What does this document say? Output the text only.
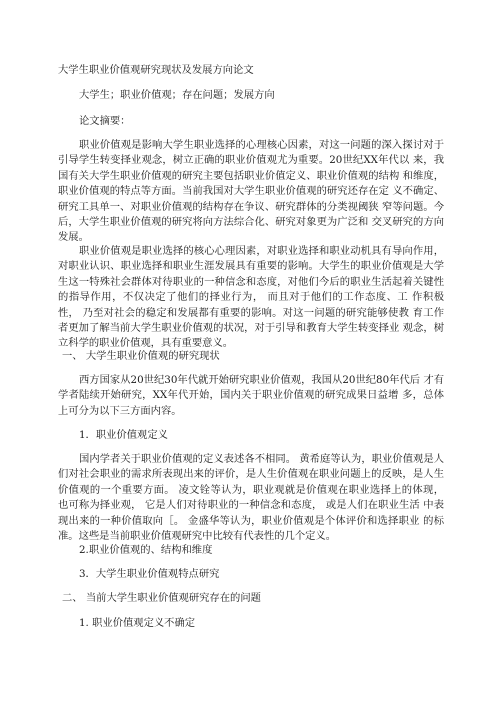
大学生职业价值观研究现状及发展方向论文

大学生；职业价值观；存在问题；发展方向

论文摘要：

职业价值观是影响大学生职业选择的心理核心因素，对这一问题的深入探讨对于引导学生转变择业观念，树立正确的职业价值观尤为重要。20世纪XX年代以 来，我国有关大学生职业价值观的研究主要包括职业价值定义、职业价值观的结构 和维度，职业价值观的特点等方面。当前我国对大学生职业价值观的研究还存在定 义不确定、研究工具单一、对职业价值观的结构存在争议、研究群体的分类视阈狭 窄等问题。今后，大学生职业价值观的研究将向方法综合化、研究对象更为广泛和 交叉研究的方向发展。

职业价值观是职业选择的核心心理因素，对职业选择和职业动机具有导向作用，对职业认识、职业选择和职业生涯发展具有重要的影响。大学生的职业价值观是大学生这一特殊社会群体对待职业的一种信念和态度，对他们今后的职业生活起着关键性的指导作用，不仅决定了他们的择业行为， 而且对于他们的工作态度、工 作积极性， 乃至对社会的稳定和发展都有重要的影响。对这一问题的研究能够使教 育工作者更加了解当前大学生职业价值观的状况，对于引导和教育大学生转变择业 观念，树立科学的职业价值观，具有重要意义。

一、 大学生职业价值观的研究现状

西方国家从20世纪30年代就开始研究职业价值观，我国从20世纪80年代后 才有学者陆续开始研究，XX年代开始，国内关于职业价值观的研究成果日益增 多，总体上可分为以下三方面内容。

1．职业价值观定义

国内学者关于职业价值观的定义表述各不相同。 黄希庭等认为，职业价值观是人们对社会职业的需求所表现出来的评价，是人生价值观在职业问题上的反映，是人生价值观的一个重要方面。 凌文铨等认为，职业观就是价值观在职业选择上的体现， 也可称为择业观， 它是人们对待职业的一种信念和态度， 或是人们在职业生活 中表现出来的一种价值取向［。 金盛华等认为，职业价值观是个体评价和选择职业 的标准。这些是当前职业价值观研究中比较有代表性的几个定义。

2.职业价值观的、结构和维度

3．大学生职业价值观特点研究

二、 当前大学生职业价值观研究存在的问题

1. 职业价值观定义不确定
